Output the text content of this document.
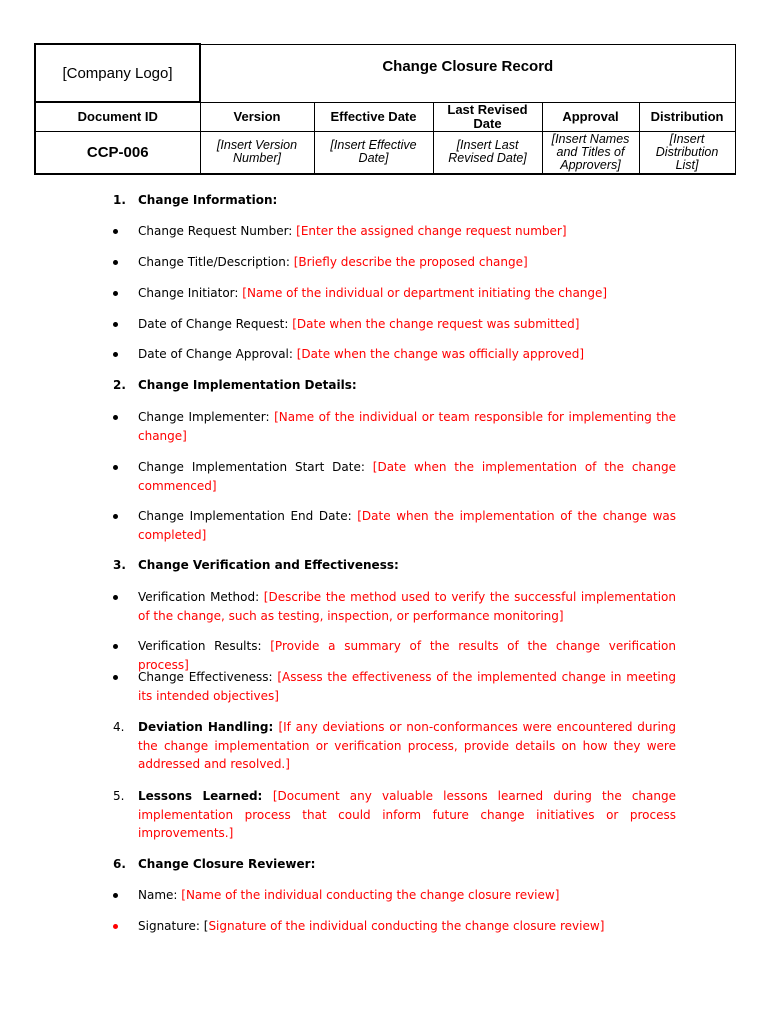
[Company Logo]	Change Closure Record				
Document ID	Version	Effective Date	Last Revised Date	Approval	Distribution
CCP-006	[Insert Version Number]	[Insert Effective Date]	[Insert Last Revised Date]	[Insert Names and Titles of Approvers]	[Insert Distribution List]
1. Change Information:
Change Request Number: [Enter the assigned change request number]
Change Title/Description: [Briefly describe the proposed change]
Change Initiator: [Name of the individual or department initiating the change]
Date of Change Request: [Date when the change request was submitted]
Date of Change Approval: [Date when the change was officially approved]
2. Change Implementation Details:
Change Implementer: [Name of the individual or team responsible for implementing the change]
Change Implementation Start Date: [Date when the implementation of the change commenced]
Change Implementation End Date: [Date when the implementation of the change was completed]
3. Change Verification and Effectiveness:
Verification Method: [Describe the method used to verify the successful implementation of the change, such as testing, inspection, or performance monitoring]
Verification Results: [Provide a summary of the results of the change verification process]
Change Effectiveness: [Assess the effectiveness of the implemented change in meeting its intended objectives]
4. Deviation Handling: [If any deviations or non-conformances were encountered during the change implementation or verification process, provide details on how they were addressed and resolved.]
5. Lessons Learned: [Document any valuable lessons learned during the change implementation process that could inform future change initiatives or process improvements.]
6. Change Closure Reviewer:
Name: [Name of the individual conducting the change closure review]
Signature: [Signature of the individual conducting the change closure review]
